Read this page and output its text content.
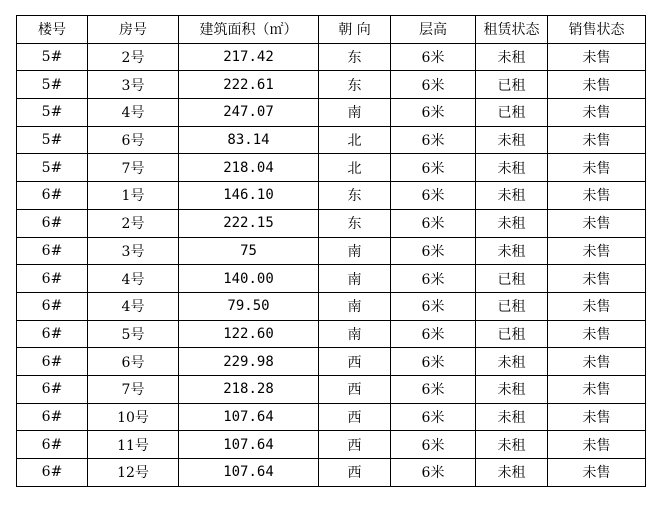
楼号	房号	建筑面积（㎡）	朝 向	层高	租赁状态	销售状态
5#	2号	217.42	东	6米	未租	未售
5#	3号	222.61	东	6米	已租	未售
5#	4号	247.07	南	6米	已租	未售
5#	6号	83.14	北	6米	未租	未售
5#	7号	218.04	北	6米	未租	未售
6#	1号	146.10	东	6米	未租	未售
6#	2号	222.15	东	6米	未租	未售
6#	3号	75	南	6米	未租	未售
6#	4号	140.00	南	6米	已租	未售
6#	4号	79.50	南	6米	已租	未售
6#	5号	122.60	南	6米	已租	未售
6#	6号	229.98	西	6米	未租	未售
6#	7号	218.28	西	6米	未租	未售
6#	10号	107.64	西	6米	未租	未售
6#	11号	107.64	西	6米	未租	未售
6#	12号	107.64	西	6米	未租	未售
